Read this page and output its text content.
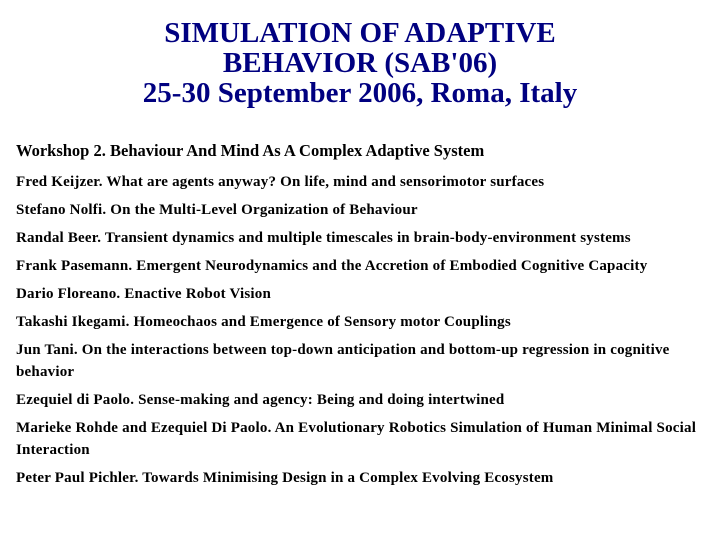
SIMULATION OF ADAPTIVE
BEHAVIOR (SAB'06)
25-30 September 2006, Roma, Italy
Workshop 2. Behaviour And Mind As A Complex Adaptive System
Fred Keijzer. What are agents anyway? On life, mind and sensorimotor surfaces
Stefano Nolfi. On the Multi-Level Organization of Behaviour
Randal Beer. Transient dynamics and multiple timescales in brain-body-environment systems
Frank Pasemann. Emergent Neurodynamics and the Accretion of Embodied Cognitive Capacity
Dario Floreano. Enactive Robot Vision
Takashi Ikegami. Homeochaos and Emergence of Sensory motor Couplings
Jun Tani. On the interactions between top-down anticipation and bottom-up regression in cognitive behavior
Ezequiel di Paolo. Sense-making and agency: Being and doing intertwined
Marieke Rohde and Ezequiel Di Paolo. An Evolutionary Robotics Simulation of Human Minimal Social Interaction
Peter Paul Pichler. Towards Minimising Design in a Complex Evolving Ecosystem
